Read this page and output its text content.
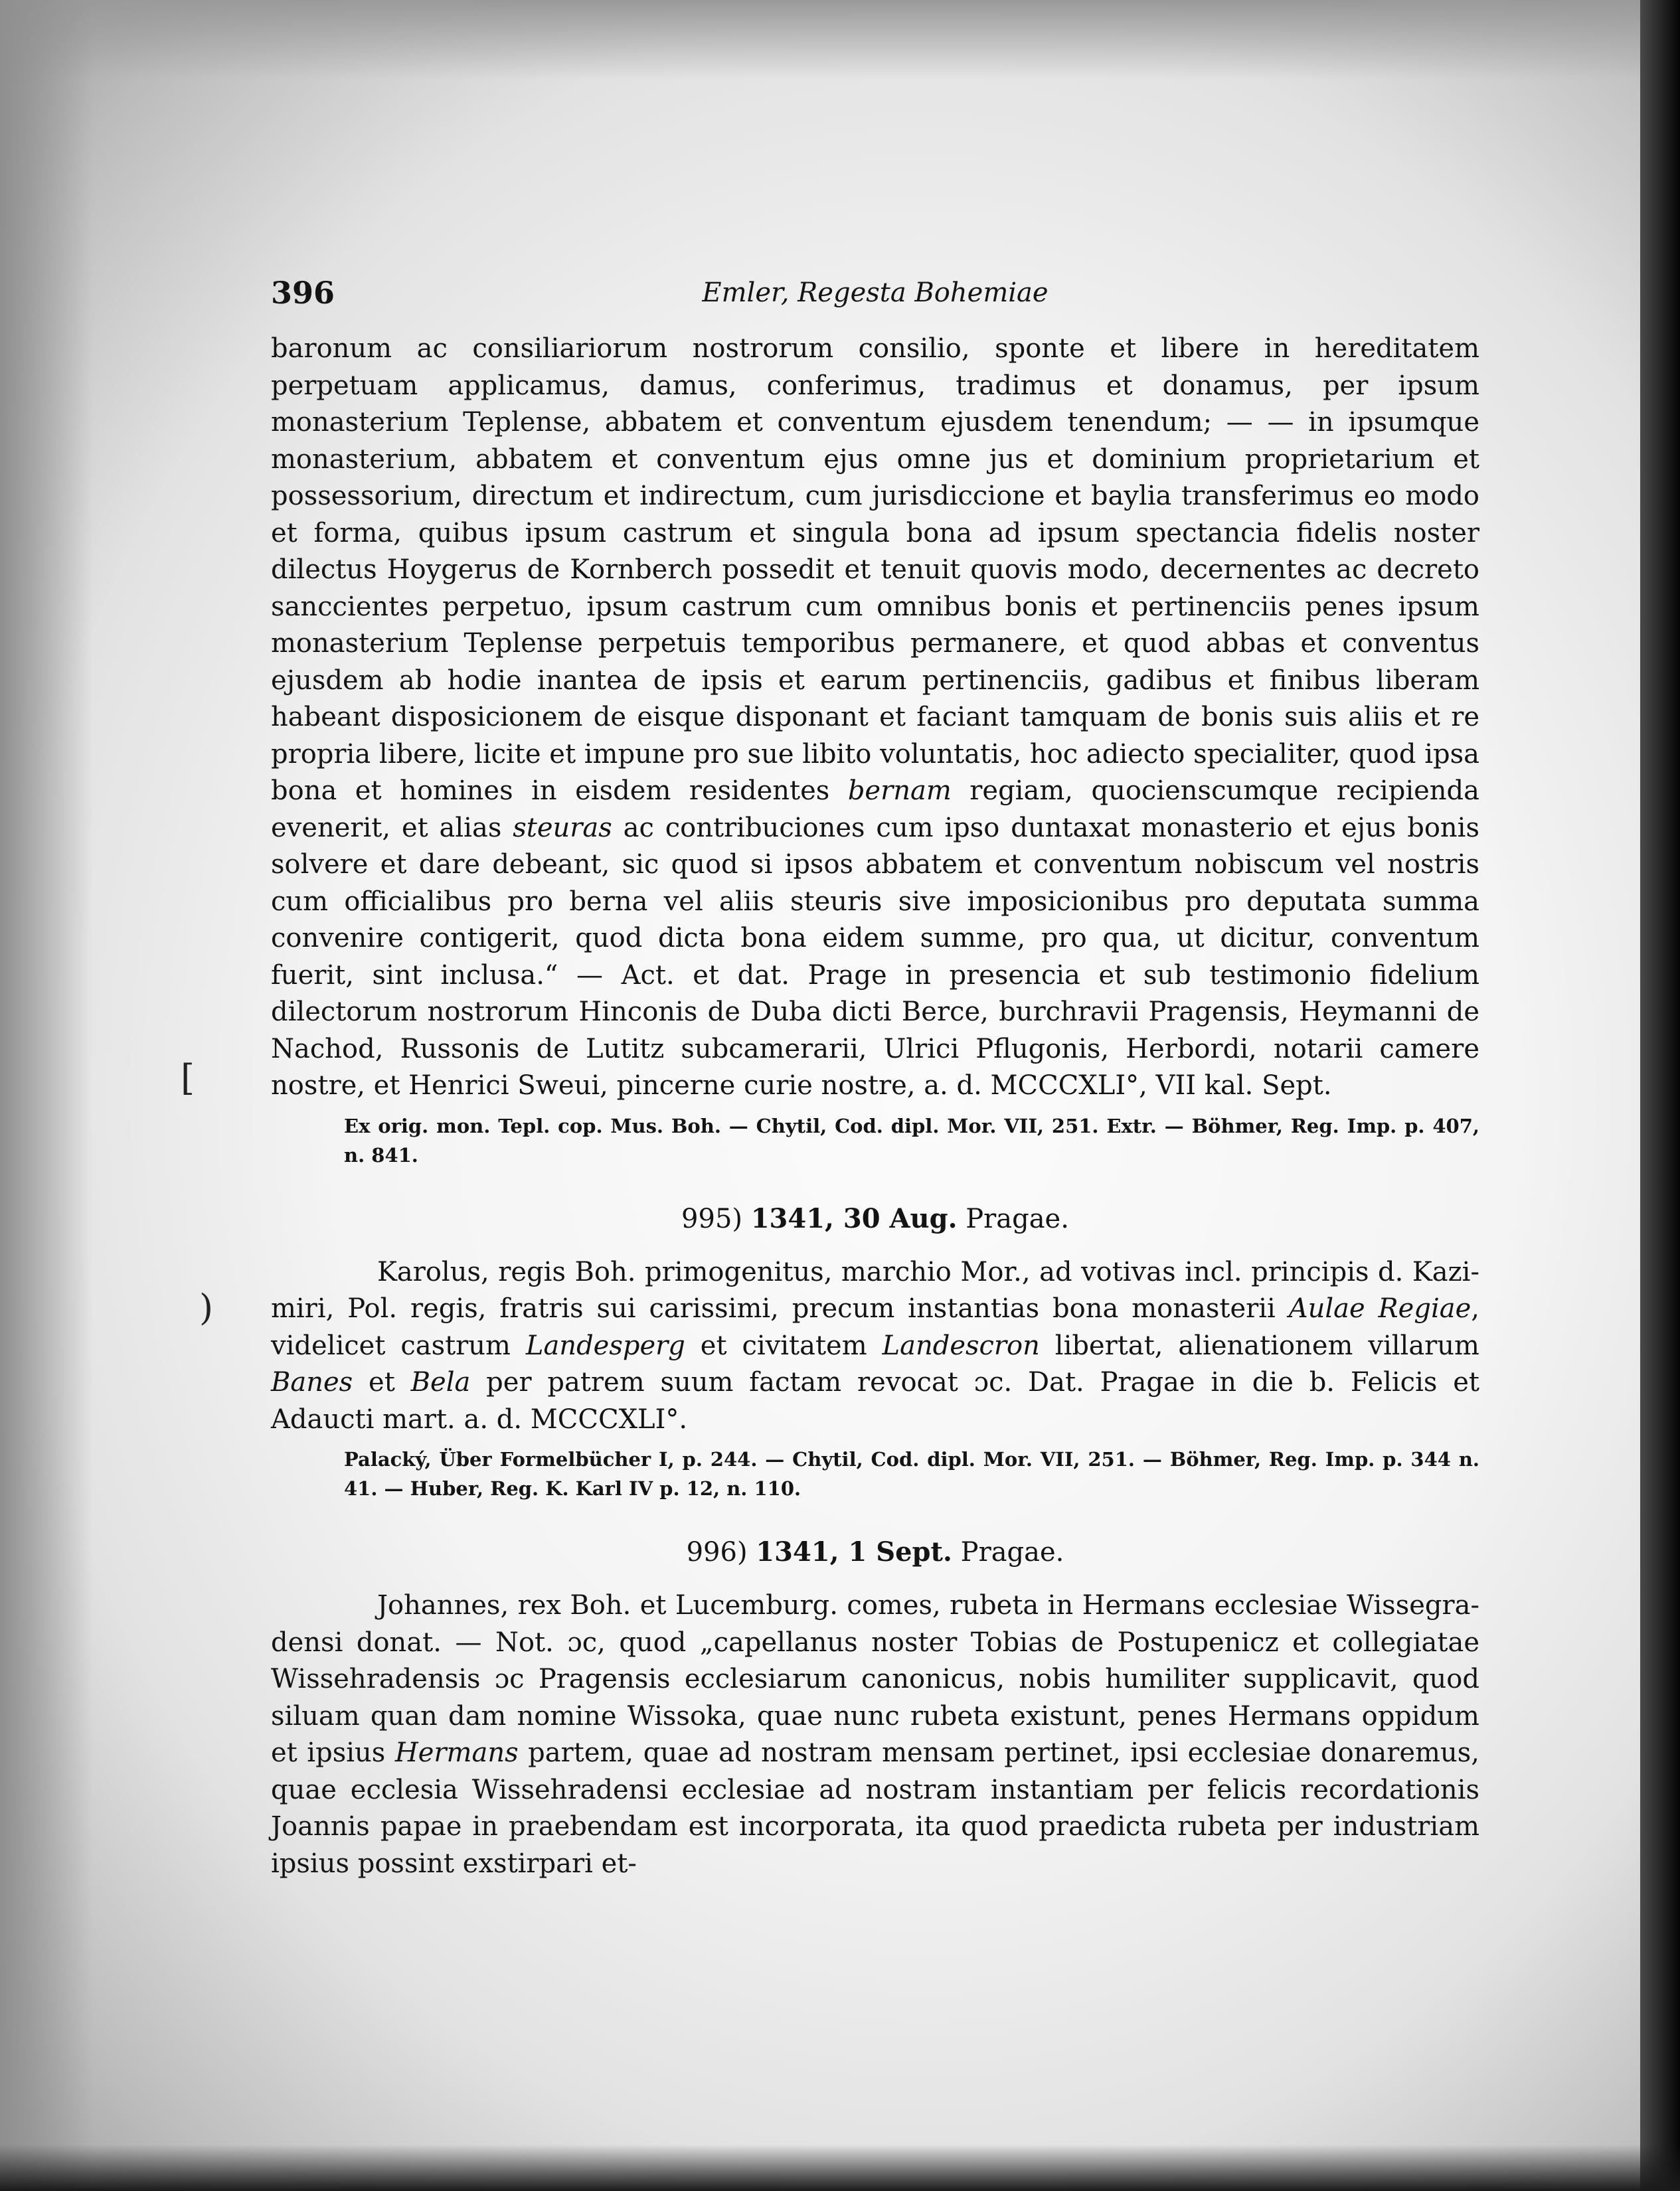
[
)
396	Emler, Regesta Bohemiae

baronum ac consiliariorum nostrorum consilio, sponte et libere in hereditatem perpetuam applicamus, damus, conferimus, tradimus et donamus, per ipsum monasterium Teplense, abbatem et conventum ejusdem tenendum; — — in ipsumque monasterium, abbatem et conventum ejus omne jus et dominium proprietarium et possessorium, directum et indirectum, cum jurisdiccione et baylia transferimus eo modo et forma, quibus ipsum castrum et singula bona ad ipsum spectancia fidelis noster dilectus Hoygerus de Kornberch possedit et tenuit quovis modo, decernentes ac decreto sanccientes perpetuo, ipsum castrum cum omnibus bonis et pertinenciis penes ipsum monasterium Teplense perpetuis temporibus permanere, et quod abbas et conventus ejusdem ab hodie inantea de ipsis et earum pertinenciis, gadibus et finibus liberam habeant disposicionem de eisque disponant et faciant tamquam de bonis suis aliis et re propria libere, licite et impune pro sue libito voluntatis, hoc adiecto specialiter, quod ipsa bona et homines in eisdem residentes bernam regiam, quocienscumque recipienda evenerit, et alias steuras ac contribuciones cum ipso duntaxat monasterio et ejus bonis solvere et dare debeant, sic quod si ipsos abbatem et conventum nobiscum vel nostris cum officialibus pro berna vel aliis steuris sive imposicionibus pro deputata summa convenire contigerit, quod dicta bona eidem summe, pro qua, ut dicitur, conventum fuerit, sint inclusa.“ — Act. et dat. Prage in presencia et sub testimonio fidelium dilectorum nostrorum Hinconis de Duba dicti Berce, burchravii Pragensis, Heymanni de Nachod, Russonis de Lutitz subcamerarii, Ulrici Pflugonis, Herbordi, notarii camere nostre, et Henrici Sweui, pincerne curie nostre, a. d. MCCCXLI°, VII kal. Sept.

Ex orig. mon. Tepl. cop. Mus. Boh. — Chytil, Cod. dipl. Mor. VII, 251. Extr. — Böhmer, Reg. Imp. p. 407, n. 841.

995) 1341, 30 Aug. Pragae.

Karolus, regis Boh. primogenitus, marchio Mor., ad votivas incl. principis d. Kazimiri, Pol. regis, fratris sui carissimi, precum instantias bona monasterii Aulae Regiae, videlicet castrum Landesperg et civitatem Landescron libertat, alienationem villarum Banes et Bela per patrem suum factam revocat ɔc. Dat. Pragae in die b. Felicis et Adaucti mart. a. d. MCCCXLI°.

Palacký, Über Formelbücher I, p. 244. — Chytil, Cod. dipl. Mor. VII, 251. — Böhmer, Reg. Imp. p. 344 n. 41. — Huber, Reg. K. Karl IV p. 12, n. 110.

996) 1341, 1 Sept. Pragae.

Johannes, rex Boh. et Lucemburg. comes, rubeta in Hermans ecclesiae Wissegradensi donat. — Not. ɔc, quod „capellanus noster Tobias de Postupenicz et collegiatae Wissehradensis ɔc Pragensis ecclesiarum canonicus, nobis humiliter supplicavit, quod siluam quan dam nomine Wissoka, quae nunc rubeta existunt, penes Hermans oppidum et ipsius Hermans partem, quae ad nostram mensam pertinet, ipsi ecclesiae donaremus, quae ecclesia Wissehradensi ecclesiae ad nostram instantiam per felicis recordationis Joannis papae in praebendam est incorporata, ita quod praedicta rubeta per industriam ipsius possint exstirpari et-
